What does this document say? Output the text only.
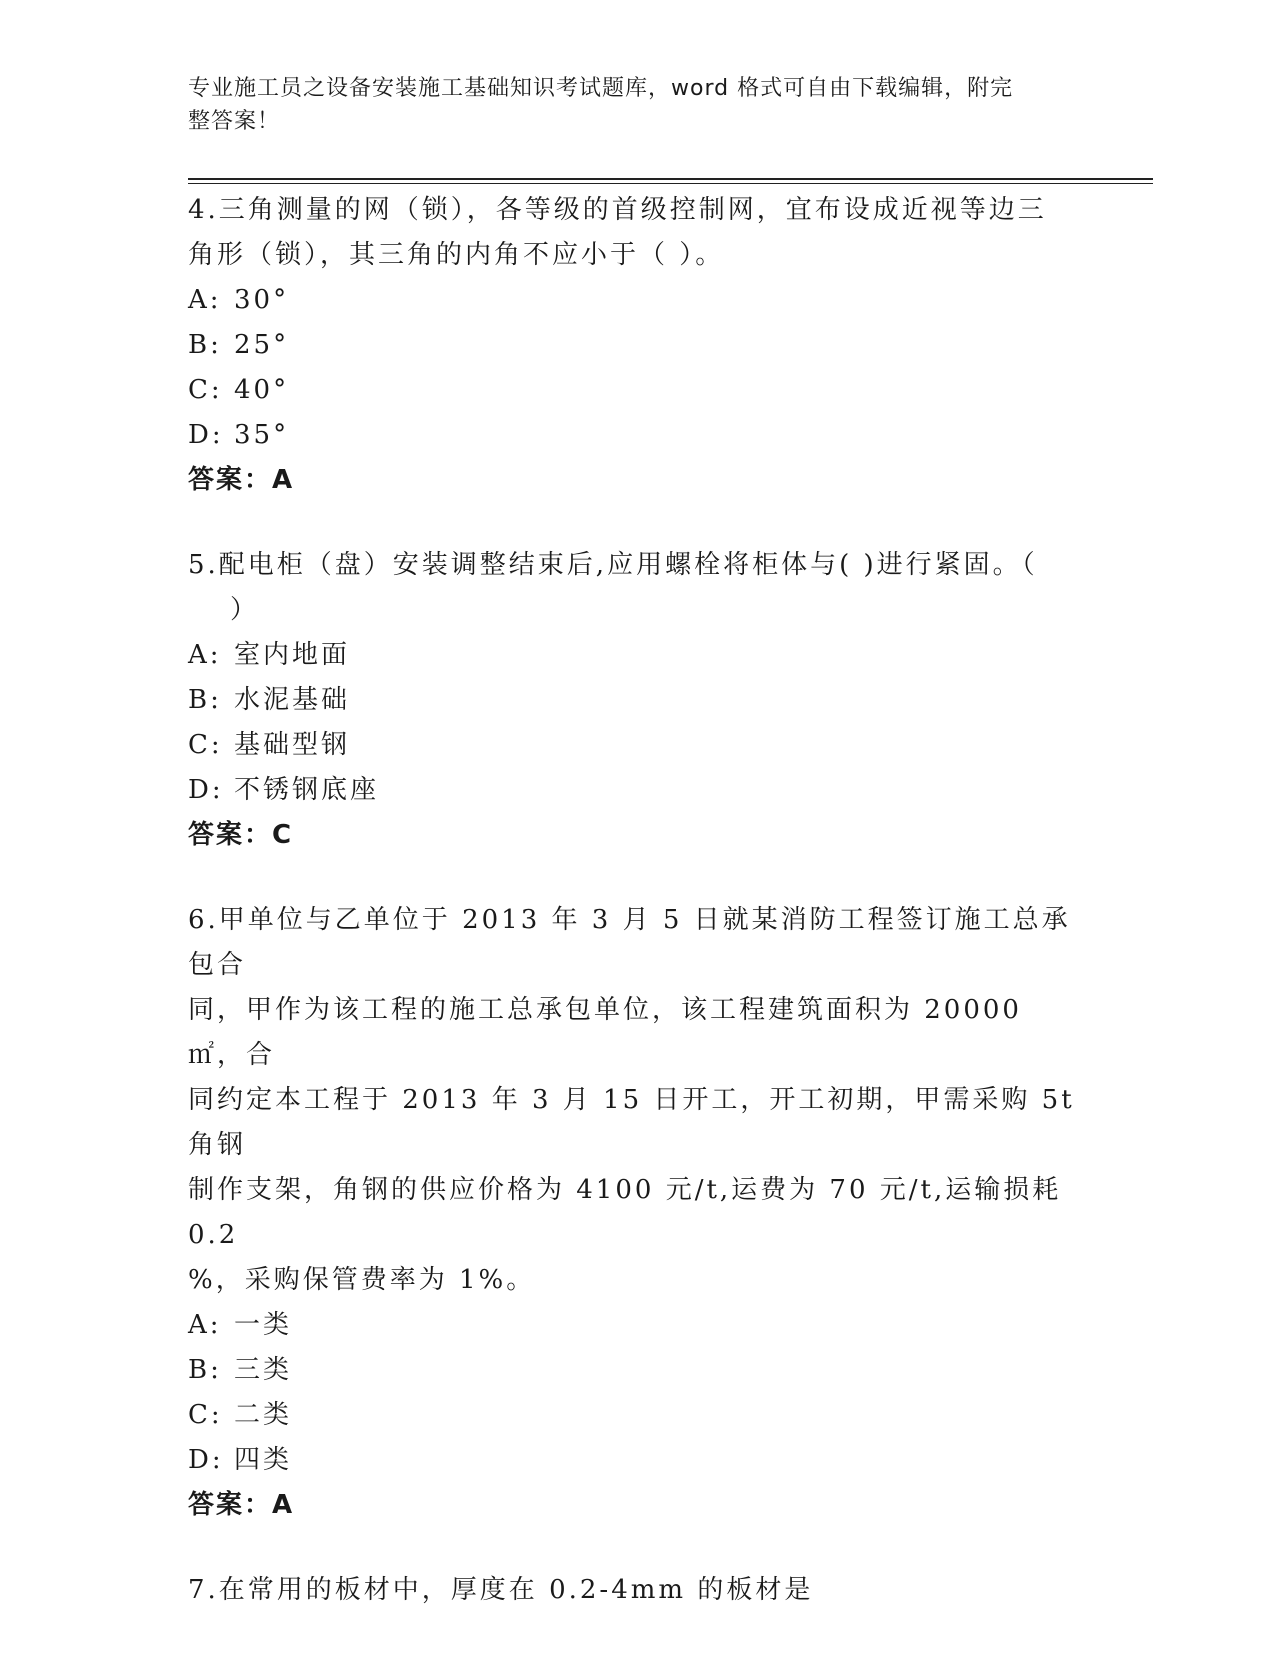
专业施工员之设备安装施工基础知识考试题库，word 格式可自由下载编辑，附完
整答案！
4.三角测量的网（锁），各等级的首级控制网，宜布设成近视等边三
角形（锁），其三角的内角不应小于（ ）。
A: 30°
B: 25°
C: 40°
D: 35°
答案：A
5.配电柜（盘）安装调整结束后,应用螺栓将柜体与( )进行紧固。（
）
A: 室内地面
B: 水泥基础
C: 基础型钢
D: 不锈钢底座
答案：C
6.甲单位与乙单位于 2013 年 3 月 5 日就某消防工程签订施工总承包合
同，甲作为该工程的施工总承包单位，该工程建筑面积为 20000㎡，合
同约定本工程于 2013 年 3 月 15 日开工，开工初期，甲需采购 5t 角钢
制作支架，角钢的供应价格为 4100 元/t,运费为 70 元/t,运输损耗 0.2
%，采购保管费率为 1%。
A: 一类
B: 三类
C: 二类
D: 四类
答案：A
7.在常用的板材中，厚度在 0.2-4mm 的板材是
